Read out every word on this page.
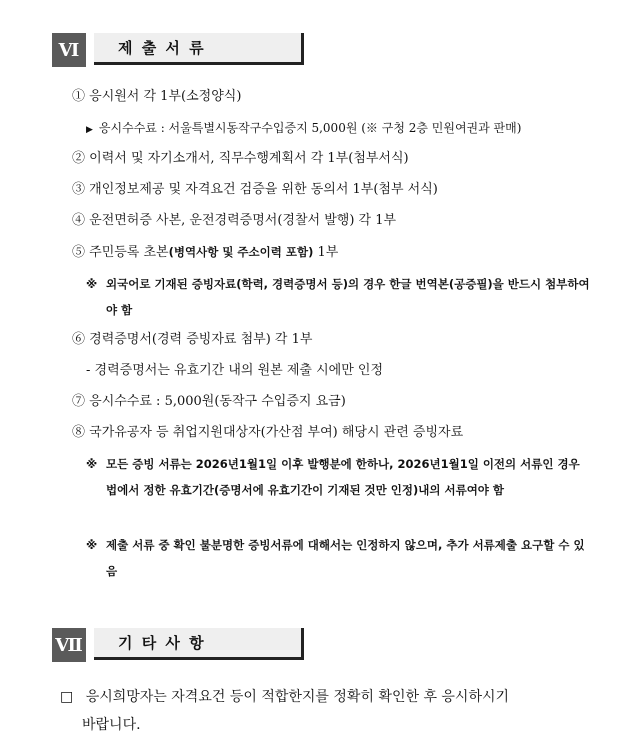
Ⅵ	제 출 서 류
① 응시원서 각 1부(소정양식)
▶ 응시수수료 : 서울특별시동작구수입증지 5,000원 (※ 구청 2층 민원여권과 판매)
② 이력서 및 자기소개서, 직무수행계획서 각 1부(첨부서식)
③ 개인정보제공 및 자격요건 검증을 위한 동의서 1부(첨부 서식)
④ 운전면허증 사본, 운전경력증명서(경찰서 발행) 각 1부
⑤ 주민등록 초본(병역사항 및 주소이력 포함) 1부
※ 외국어로 기재된 증빙자료(학력, 경력증명서 등)의 경우 한글 번역본(공증필)을 반드시 첨부하여야 함
⑥ 경력증명서(경력 증빙자료 첨부) 각 1부
- 경력증명서는 유효기간 내의 원본 제출 시에만 인정
⑦ 응시수수료 : 5,000원(동작구 수입증지 요금)
⑧ 국가유공자 등 취업지원대상자(가산점 부여) 해당시 관련 증빙자료
※ 모든 증빙 서류는 2026년1월1일 이후 발행분에 한하나, 2026년1월1일 이전의 서류인 경우 법에서 정한 유효기간(증명서에 유효기간이 기재된 것만 인정)내의 서류여야 함
※ 제출 서류 중 확인 불분명한 증빙서류에 대해서는 인정하지 않으며, 추가 서류제출 요구할 수 있음
Ⅶ	기 타 사 항
□ 응시희망자는 자격요건 등이 적합한지를 정확히 확인한 후 응시하시기
바랍니다.
